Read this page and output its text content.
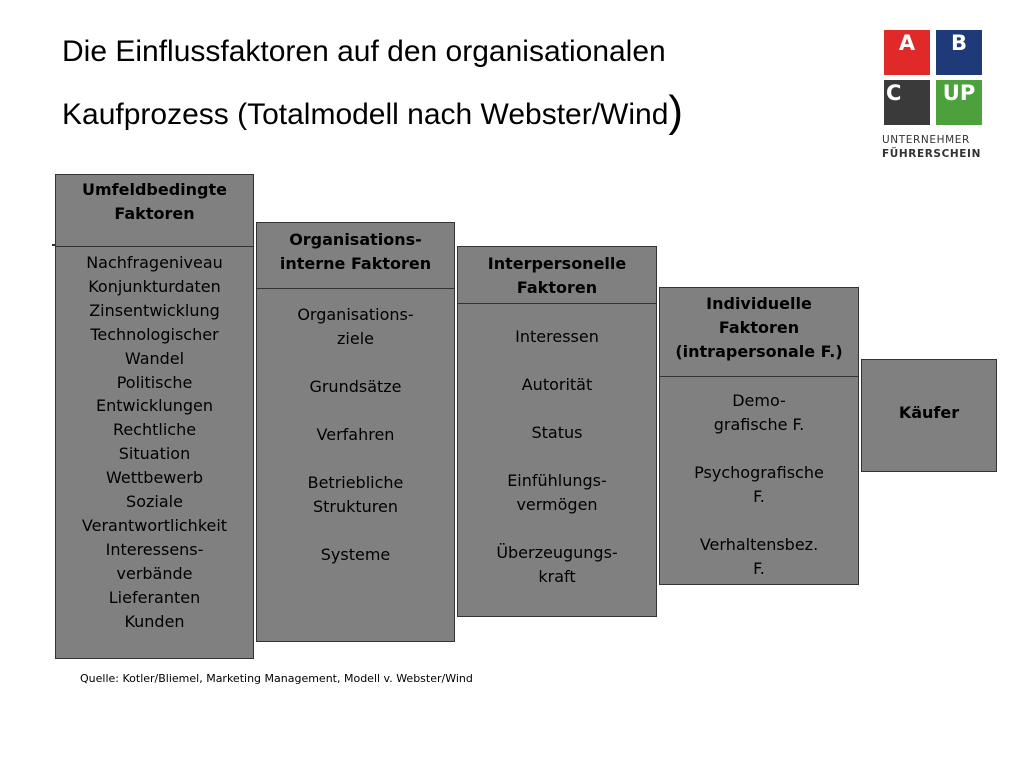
Die Einflussfaktoren auf den organisationalen
Kaufprozess (Totalmodell nach Webster/Wind)
A	B
C	UP
UNTERNEHMER
FÜHRERSCHEIN
Umfeldbedingte
Faktoren
Nachfrageniveau
Konjunkturdaten
Zinsentwicklung
Technologischer
Wandel
Politische
Entwicklungen
Rechtliche
Situation
Wettbewerb
Soziale
Verantwortlichkeit
Interessens-
verbände
Lieferanten
Kunden
Organisations-
interne Faktoren
Organisations-
ziele

Grundsätze

Verfahren

Betriebliche
Strukturen

Systeme
Interpersonelle
Faktoren
Interessen

Autorität

Status

Einfühlungs-
vermögen

Überzeugungs-
kraft
Individuelle
Faktoren
(intrapersonale F.)
Demo-
grafische F.

Psychografische
F.

Verhaltensbez.
F.
Käufer
Quelle: Kotler/Bliemel, Marketing Management, Modell v. Webster/Wind
